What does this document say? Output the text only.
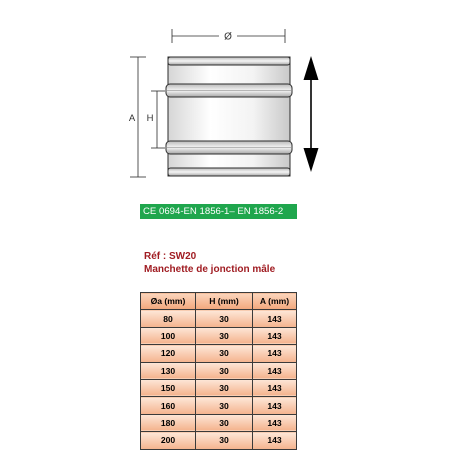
Ø
A H
CE 0694-EN 1856-1– EN 1856-2
Réf : SW20
Manchette de jonction mâle
Øa (mm)	H (mm)	A (mm)
80	30	143
100	30	143
120	30	143
130	30	143
150	30	143
160	30	143
180	30	143
200	30	143
